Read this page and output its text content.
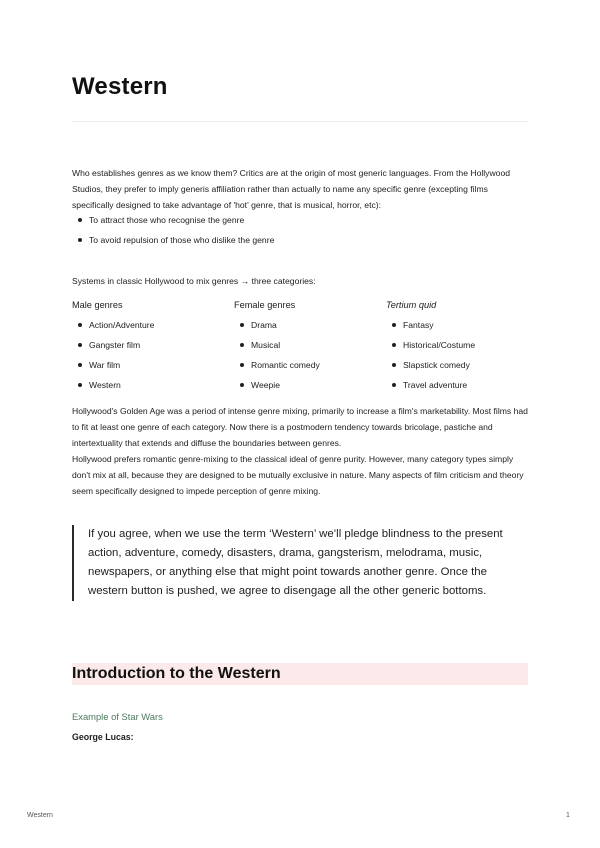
Western

Who establishes genres as we know them? Critics are at the origin of most generic languages. From the Hollywood Studios, they prefer to imply generis affiliation rather than actually to name any specific genre (excepting films specifically designed to take advantage of 'hot' genre, that is musical, horror, etc):

To attract those who recognise the genre
To avoid repulsion of those who dislike the genre

Systems in classic Hollywood to mix genres → three categories:

Male genres

Action/Adventure
Gangster film
War film
Western

Female genres

Drama
Musical
Romantic comedy
Weepie

Tertium quid

Fantasy
Historical/Costume
Slapstick comedy
Travel adventure

Hollywood's Golden Age was a period of intense genre mixing, primarily to increase a film's marketability. Most films had to fit at least one genre of each category. Now there is a postmodern tendency towards bricolage, pastiche and intertextuality that extends and diffuse the boundaries between genres.

Hollywood prefers romantic genre-mixing to the classical ideal of genre purity. However, many category types simply don't mix at all, because they are designed to be mutually exclusive in nature. Many aspects of film criticism and theory seem specifically designed to impede perception of genre mixing.

If you agree, when we use the term ‘Western’ we’ll pledge blindness to the present action, adventure, comedy, disasters, drama, gangsterism, melodrama, music, newspapers, or anything else that might point towards another genre. Once the western button is pushed, we agree to disengage all the other generic bottoms.

Introduction to the Western

Example of Star Wars

George Lucas:

Western	1
